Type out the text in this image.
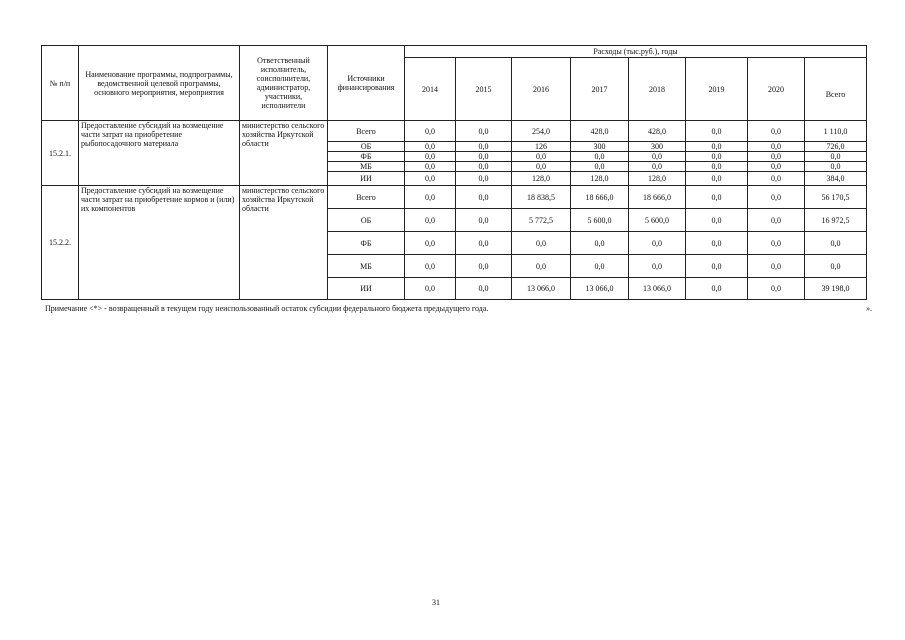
№ п/п	Наименование программы, подпрограммы, ведомственной целевой программы, основного мероприятия, мероприятия	Ответственный исполнитель, соисполнители, администратор, участники, исполнители	Источники финансирования	Расходы (тыс.руб.), годы							
				2014	2015	2016	2017	2018	2019	2020	Всего
15.2.1.	Предоставление субсидий на возмещение части затрат на приобретение рыбопосадочного материала	министерство сельского хозяйства Иркутской области	Всего	0,0	0,0	254,0	428,0	428,0	0,0	0,0	1 110,0
			ОБ	0,0	0,0	126	300	300	0,0	0,0	726,0
			ФБ	0,0	0,0	0,0	0,0	0,0	0,0	0,0	0,0
			МБ	0,0	0,0	0,0	0,0	0,0	0,0	0,0	0,0
			ИИ	0,0	0,0	128,0	128,0	128,0	0,0	0,0	384,0
15.2.2.	Предоставление субсидий на возмещение части затрат на приобретение кормов и (или) их компонентов	министерство сельского хозяйства Иркутской области	Всего	0,0	0,0	18 838,5	18 666,0	18 666,0	0,0	0,0	56 170,5
			ОБ	0,0	0,0	5 772,5	5 600,0	5 600,0	0,0	0,0	16 972,5
			ФБ	0,0	0,0	0,0	0,0	0,0	0,0	0,0	0,0
			МБ	0,0	0,0	0,0	0,0	0,0	0,0	0,0	0,0
			ИИ	0,0	0,0	13 066,0	13 066,0	13 066,0	0,0	0,0	39 198,0
Примечание <*> - возвращенный в текущем году неиспользованный остаток субсидии федерального бюджета предыдущего года.	».
31
